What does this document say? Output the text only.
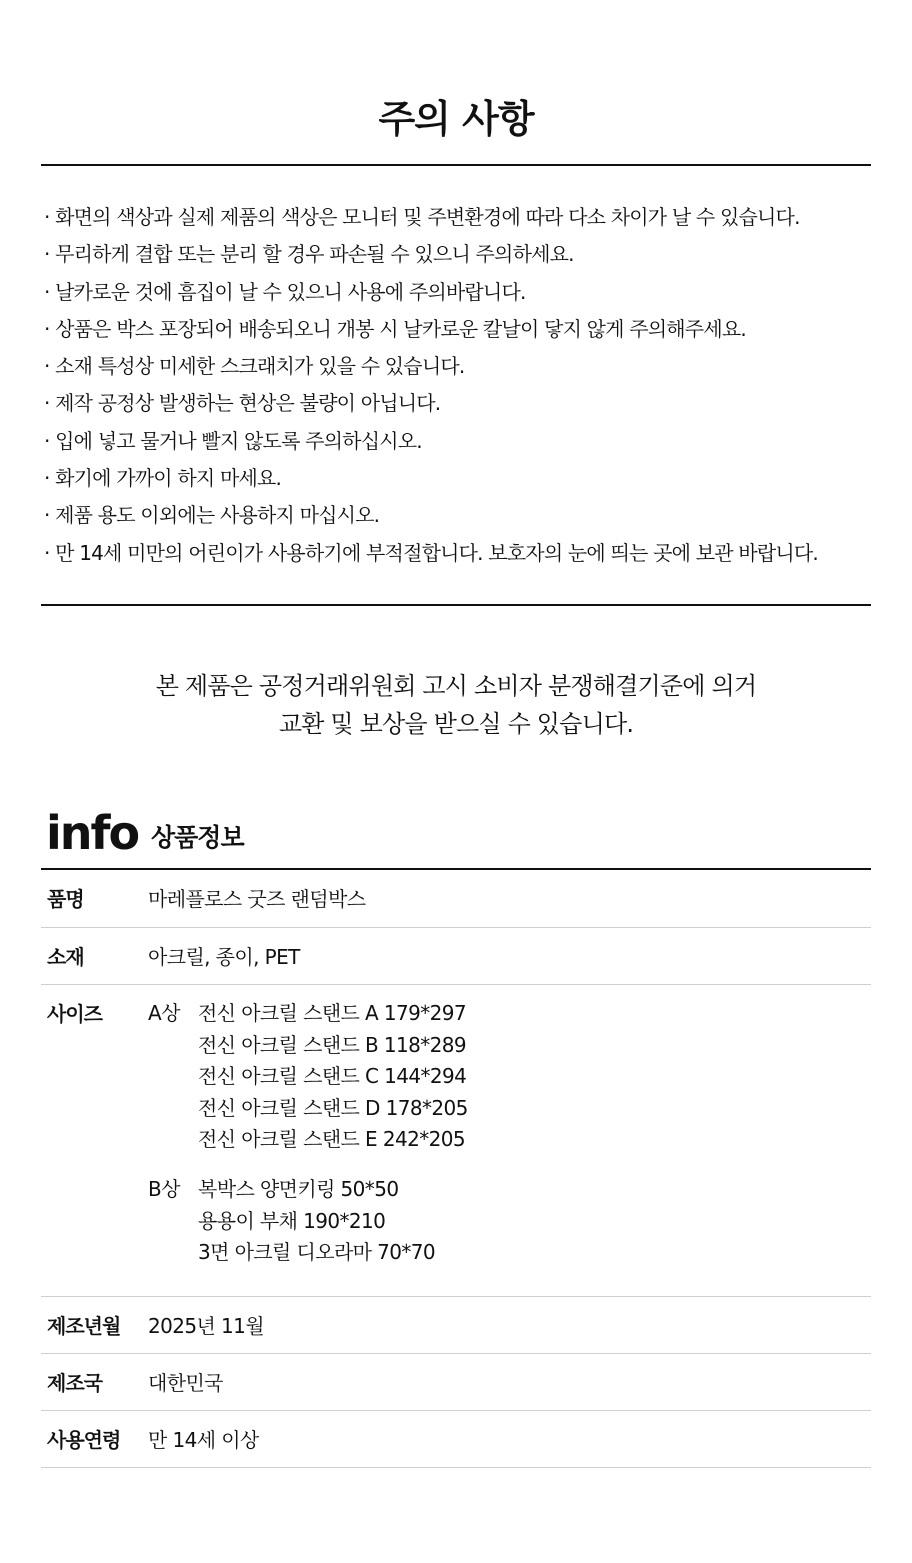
주의 사항
· 화면의 색상과 실제 제품의 색상은 모니터 및 주변환경에 따라 다소 차이가 날 수 있습니다.
· 무리하게 결합 또는 분리 할 경우 파손될 수 있으니 주의하세요.
· 날카로운 것에 흠집이 날 수 있으니 사용에 주의바랍니다.
· 상품은 박스 포장되어 배송되오니 개봉 시 날카로운 칼날이 닿지 않게 주의해주세요.
· 소재 특성상 미세한 스크래치가 있을 수 있습니다.
· 제작 공정상 발생하는 현상은 불량이 아닙니다.
· 입에 넣고 물거나 빨지 않도록 주의하십시오.
· 화기에 가까이 하지 마세요.
· 제품 용도 이외에는 사용하지 마십시오.
· 만 14세 미만의 어린이가 사용하기에 부적절합니다. 보호자의 눈에 띄는 곳에 보관 바랍니다.
본 제품은 공정거래위원회 고시 소비자 분쟁해결기준에 의거
교환 및 보상을 받으실 수 있습니다.
info 상품정보
품명	마레플로스 굿즈 랜덤박스
소재	아크릴, 종이, PET
사이즈 A상 전신 아크릴 스탠드 A 179*297
전신 아크릴 스탠드 B 118*289
전신 아크릴 스탠드 C 144*294
전신 아크릴 스탠드 D 178*205
전신 아크릴 스탠드 E 242*205
B상 복박스 양면키링 50*50
용용이 부채 190*210
3면 아크릴 디오라마 70*70
제조년월 2025년 11월
제조국 대한민국
사용연령 만 14세 이상
